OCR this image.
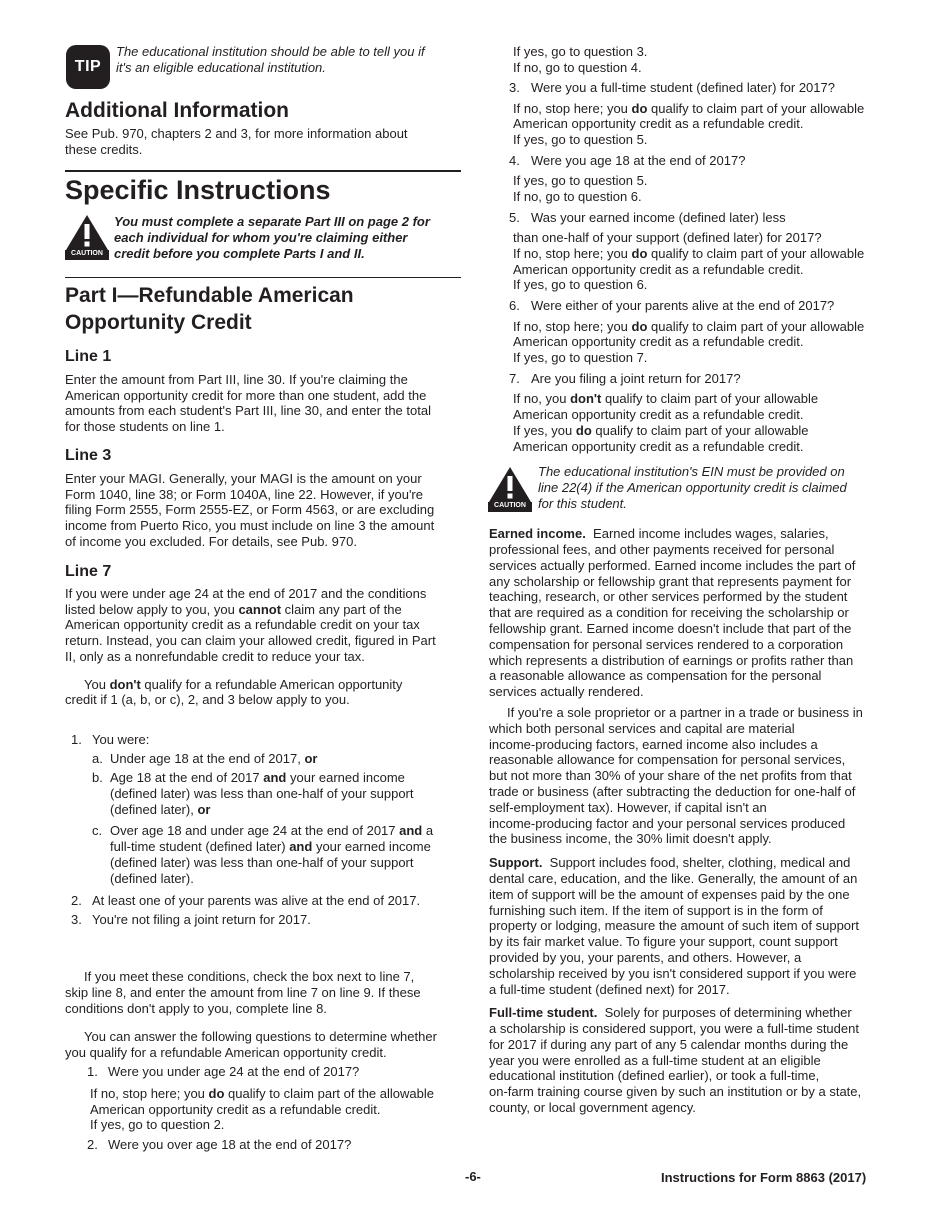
TIP

The educational institution should be able to tell you if

it's an eligible educational institution.

Additional Information

See Pub. 970, chapters 2 and 3, for more information about

these credits.

Specific Instructions

CAUTION

You must complete a separate Part III on page 2 for

each individual for whom you're claiming either

credit before you complete Parts I and II.

Part I—Refundable American

Opportunity Credit

Line 1

Enter the amount from Part III, line 30. If you're claiming the

American opportunity credit for more than one student, add the

amounts from each student's Part III, line 30, and enter the total

for those students on line 1.

Line 3

Enter your MAGI. Generally, your MAGI is the amount on your

Form 1040, line 38; or Form 1040A, line 22. However, if you're

filing Form 2555, Form 2555-EZ, or Form 4563, or are excluding

income from Puerto Rico, you must include on line 3 the amount

of income you excluded. For details, see Pub. 970.

Line 7

If you were under age 24 at the end of 2017 and the conditions

listed below apply to you, you cannot claim any part of the

American opportunity credit as a refundable credit on your tax

return. Instead, you can claim your allowed credit, figured in Part

II, only as a nonrefundable credit to reduce your tax.

You don't qualify for a refundable American opportunity

credit if 1 (a, b, or c), 2, and 3 below apply to you.

1. You were:

a. Under age 18 at the end of 2017, or

b. Age 18 at the end of 2017 and your earned income

(defined later) was less than one-half of your support

(defined later), or

c. Over age 18 and under age 24 at the end of 2017 and a

full-time student (defined later) and your earned income

(defined later) was less than one-half of your support

(defined later).

2. At least one of your parents was alive at the end of 2017.

3. You're not filing a joint return for 2017.

If you meet these conditions, check the box next to line 7,

skip line 8, and enter the amount from line 7 on line 9. If these

conditions don't apply to you, complete line 8.

You can answer the following questions to determine whether

you qualify for a refundable American opportunity credit.

1. Were you under age 24 at the end of 2017?

If no, stop here; you do qualify to claim part of the allowable

American opportunity credit as a refundable credit.

If yes, go to question 2.

2. Were you over age 18 at the end of 2017?

If yes, go to question 3.

If no, go to question 4.

3. Were you a full-time student (defined later) for 2017?

If no, stop here; you do qualify to claim part of your allowable

American opportunity credit as a refundable credit.

If yes, go to question 5.

4. Were you age 18 at the end of 2017?

If yes, go to question 5.

If no, go to question 6.

5. Was your earned income (defined later) less

than one-half of your support (defined later) for 2017?

If no, stop here; you do qualify to claim part of your allowable

American opportunity credit as a refundable credit.

If yes, go to question 6.

6. Were either of your parents alive at the end of 2017?

If no, stop here; you do qualify to claim part of your allowable

American opportunity credit as a refundable credit.

If yes, go to question 7.

7. Are you filing a joint return for 2017?

If no, you don't qualify to claim part of your allowable

American opportunity credit as a refundable credit.

If yes, you do qualify to claim part of your allowable

American opportunity credit as a refundable credit.

CAUTION

The educational institution's EIN must be provided on

line 22(4) if the American opportunity credit is claimed

for this student.

Earned income. Earned income includes wages, salaries,

professional fees, and other payments received for personal

services actually performed. Earned income includes the part of

any scholarship or fellowship grant that represents payment for

teaching, research, or other services performed by the student

that are required as a condition for receiving the scholarship or

fellowship grant. Earned income doesn't include that part of the

compensation for personal services rendered to a corporation

which represents a distribution of earnings or profits rather than

a reasonable allowance as compensation for the personal

services actually rendered.

If you're a sole proprietor or a partner in a trade or business in

which both personal services and capital are material

income-producing factors, earned income also includes a

reasonable allowance for compensation for personal services,

but not more than 30% of your share of the net profits from that

trade or business (after subtracting the deduction for one-half of

self-employment tax). However, if capital isn't an

income-producing factor and your personal services produced

the business income, the 30% limit doesn't apply.

Support. Support includes food, shelter, clothing, medical and

dental care, education, and the like. Generally, the amount of an

item of support will be the amount of expenses paid by the one

furnishing such item. If the item of support is in the form of

property or lodging, measure the amount of such item of support

by its fair market value. To figure your support, count support

provided by you, your parents, and others. However, a

scholarship received by you isn't considered support if you were

a full-time student (defined next) for 2017.

Full-time student. Solely for purposes of determining whether

a scholarship is considered support, you were a full-time student

for 2017 if during any part of any 5 calendar months during the

year you were enrolled as a full-time student at an eligible

educational institution (defined earlier), or took a full-time,

on-farm training course given by such an institution or by a state,

county, or local government agency.

-6-	Instructions for Form 8863 (2017)
